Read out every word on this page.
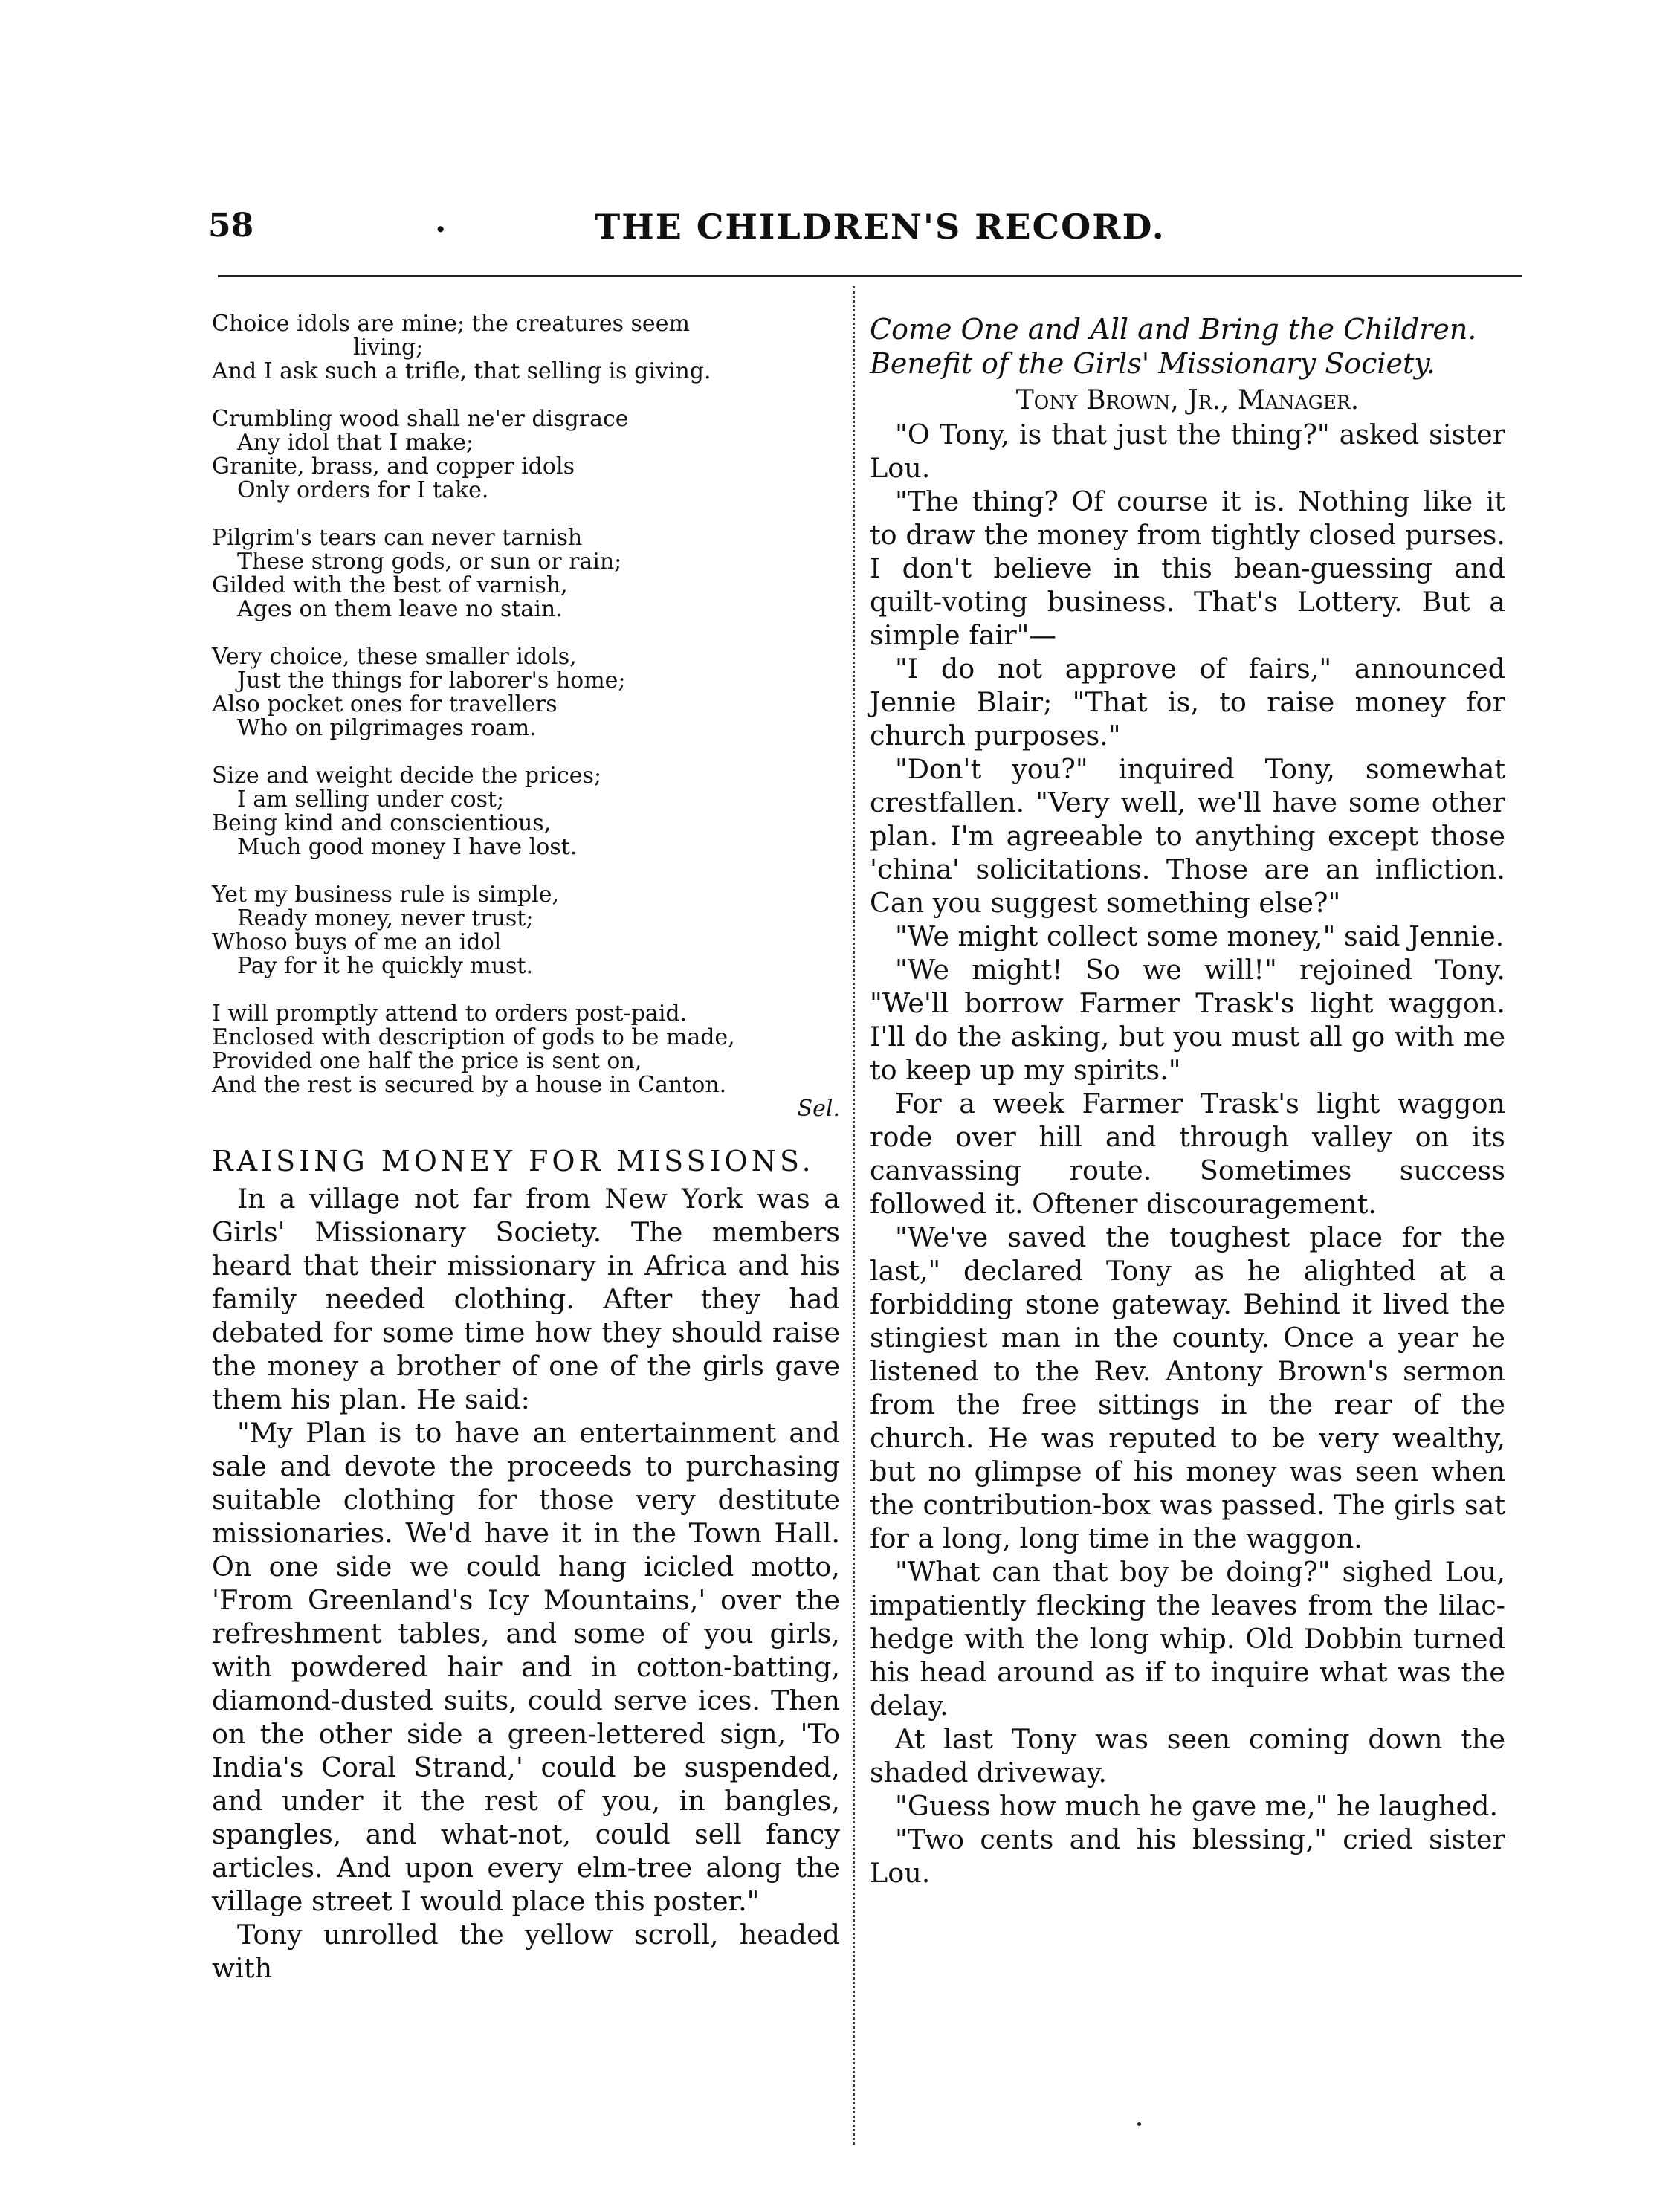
58	.	THE CHILDREN'S RECORD.

Choice idols are mine; the creatures seem

living;

And I ask such a trifle, that selling is giving.

Crumbling wood shall ne'er disgrace

Any idol that I make;

Granite, brass, and copper idols

Only orders for I take.

Pilgrim's tears can never tarnish

These strong gods, or sun or rain;

Gilded with the best of varnish,

Ages on them leave no stain.

Very choice, these smaller idols,

Just the things for laborer's home;

Also pocket ones for travellers

Who on pilgrimages roam.

Size and weight decide the prices;

I am selling under cost;

Being kind and conscientious,

Much good money I have lost.

Yet my business rule is simple,

Ready money, never trust;

Whoso buys of me an idol

Pay for it he quickly must.

I will promptly attend to orders post-paid.

Enclosed with description of gods to be made,

Provided one half the price is sent on,

And the rest is secured by a house in Canton.

Sel.

RAISING MONEY FOR MISSIONS.

In a village not far from New York was a Girls' Missionary Society. The members heard that their missionary in Africa and his family needed clothing. After they had debated for some time how they should raise the money a brother of one of the girls gave them his plan. He said:

"My Plan is to have an entertainment and sale and devote the proceeds to purchasing suitable clothing for those very destitute missionaries. We'd have it in the Town Hall. On one side we could hang icicled motto, 'From Greenland's Icy Mountains,' over the refreshment tables, and some of you girls, with powdered hair and in cotton-batting, diamond-dusted suits, could serve ices. Then on the other side a green-lettered sign, 'To India's Coral Strand,' could be suspended, and under it the rest of you, in bangles, spangles, and what-not, could sell fancy articles. And upon every elm-tree along the village street I would place this poster."

Tony unrolled the yellow scroll, headed with

Come One and All and Bring the Children.

Benefit of the Girls' Missionary Society.

Tony Brown, Jr., Manager.

"O Tony, is that just the thing?" asked sister Lou.

"The thing? Of course it is. Nothing like it to draw the money from tightly closed purses. I don't believe in this bean-guessing and quilt-voting business. That's Lottery. But a simple fair"—

"I do not approve of fairs," announced Jennie Blair; "That is, to raise money for church purposes."

"Don't you?" inquired Tony, somewhat crestfallen. "Very well, we'll have some other plan. I'm agreeable to anything except those 'china' solicitations. Those are an infliction. Can you suggest something else?"

"We might collect some money," said Jennie.

"We might! So we will!" rejoined Tony. "We'll borrow Farmer Trask's light waggon. I'll do the asking, but you must all go with me to keep up my spirits."

For a week Farmer Trask's light waggon rode over hill and through valley on its canvassing route. Sometimes success followed it. Oftener discouragement.

"We've saved the toughest place for the last," declared Tony as he alighted at a forbidding stone gateway. Behind it lived the stingiest man in the county. Once a year he listened to the Rev. Antony Brown's sermon from the free sittings in the rear of the church. He was reputed to be very wealthy, but no glimpse of his money was seen when the contribution-box was passed. The girls sat for a long, long time in the waggon.

"What can that boy be doing?" sighed Lou, impatiently flecking the leaves from the lilac-hedge with the long whip. Old Dobbin turned his head around as if to inquire what was the delay.

At last Tony was seen coming down the shaded driveway.

"Guess how much he gave me," he laughed.

"Two cents and his blessing," cried sister Lou.
